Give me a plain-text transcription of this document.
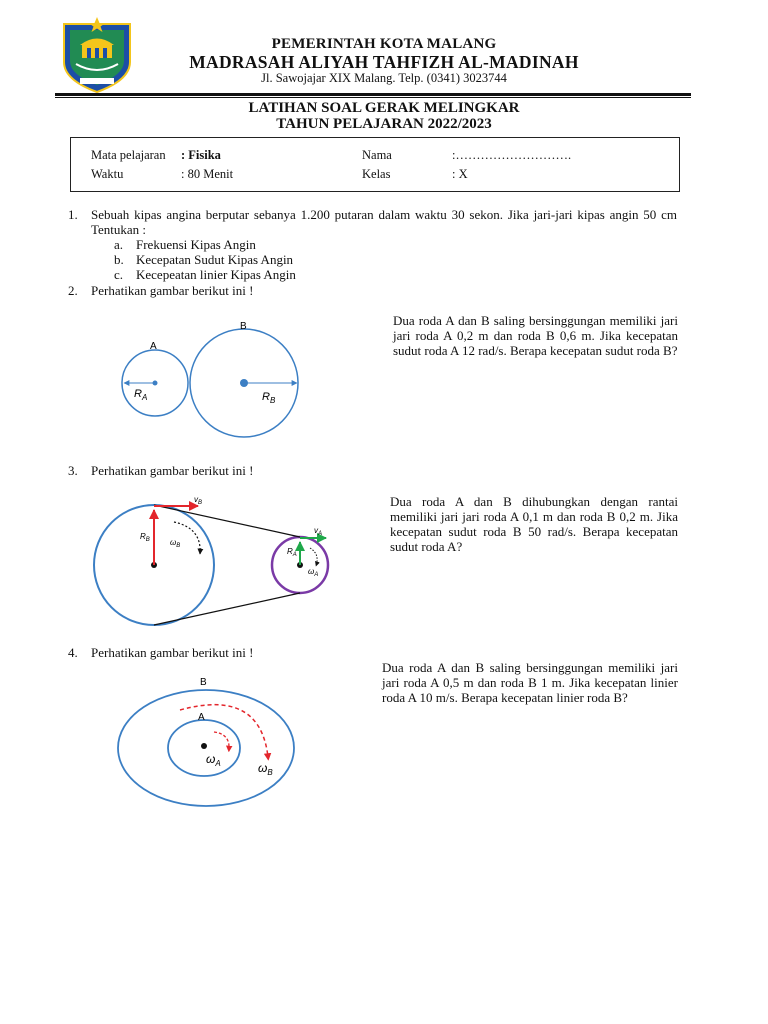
PEMERINTAH KOTA MALANG
MADRASAH ALIYAH TAHFIZH AL-MADINAH
Jl. Sawojajar XIX Malang. Telp. (0341) 3023744
LATIHAN SOAL GERAK MELINGKAR
TAHUN PELAJARAN 2022/2023
Mata pelajaran : Fisika
Waktu	: 80 Menit
Nama	:……………………….
Kelas	: X
1. Sebuah kipas angina berputar sebanya 1.200 putaran dalam waktu 30 sekon. Jika jari-jari kipas angin 50 cm Tentukan :
a. Frekuensi Kipas Angin
b. Kecepatan Sudut Kipas Angin
c. Kecepeatan linier Kipas Angin
2. Perhatikan gambar berikut ini !
Dua roda A dan B saling bersinggungan memiliki jari jari roda A 0,2 m dan roda B 0,6 m. Jika kecepatan sudut roda A 12 rad/s. Berapa kecepatan sudut roda B?
A
B
$R_A$	$R_B$
3. Perhatikan gambar berikut ini !
Dua roda A dan B dihubungkan dengan rantai memiliki jari jari roda A 0,1 m dan roda B 0,2 m. Jika kecepatan sudut roda B 50 rad/s. Berapa kecepatan sudut roda A?
$v_B$
$v_A$
$R_B$
$R_A$
$\omega_B$
$\omega_A$
4. Perhatikan gambar berikut ini !
Dua roda A dan B saling bersinggungan memiliki jari jari roda A 0,5 m dan roda B 1 m. Jika kecepatan linier roda A 10 m/s. Berapa kecepatan linier roda B?
B
A
$\omega_A$	$\omega_B$
